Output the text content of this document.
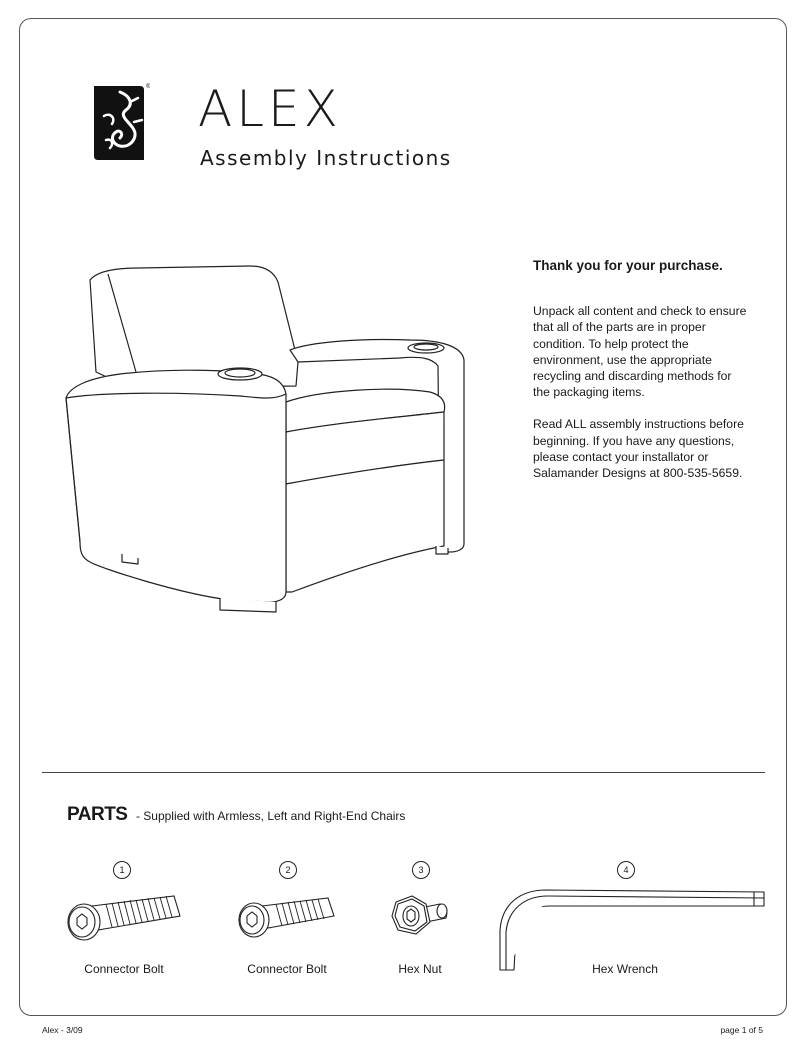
® ALEX
Assembly Instructions
Thank you for your purchase.

Unpack all content and check to ensure that all of the parts are in proper condition. To help protect the environment, use the appropriate recycling and discarding methods for the packaging items.

Read ALL assembly instructions before beginning. If you have any questions, please contact your installator or Salamander Designs at 800-535-5659.

PARTS - Supplied with Armless, Left and Right-End Chairs
1
Connector Bolt
2
Connector Bolt
3
Hex Nut
4
Hex Wrench
Alex - 3/09	page 1 of 5
